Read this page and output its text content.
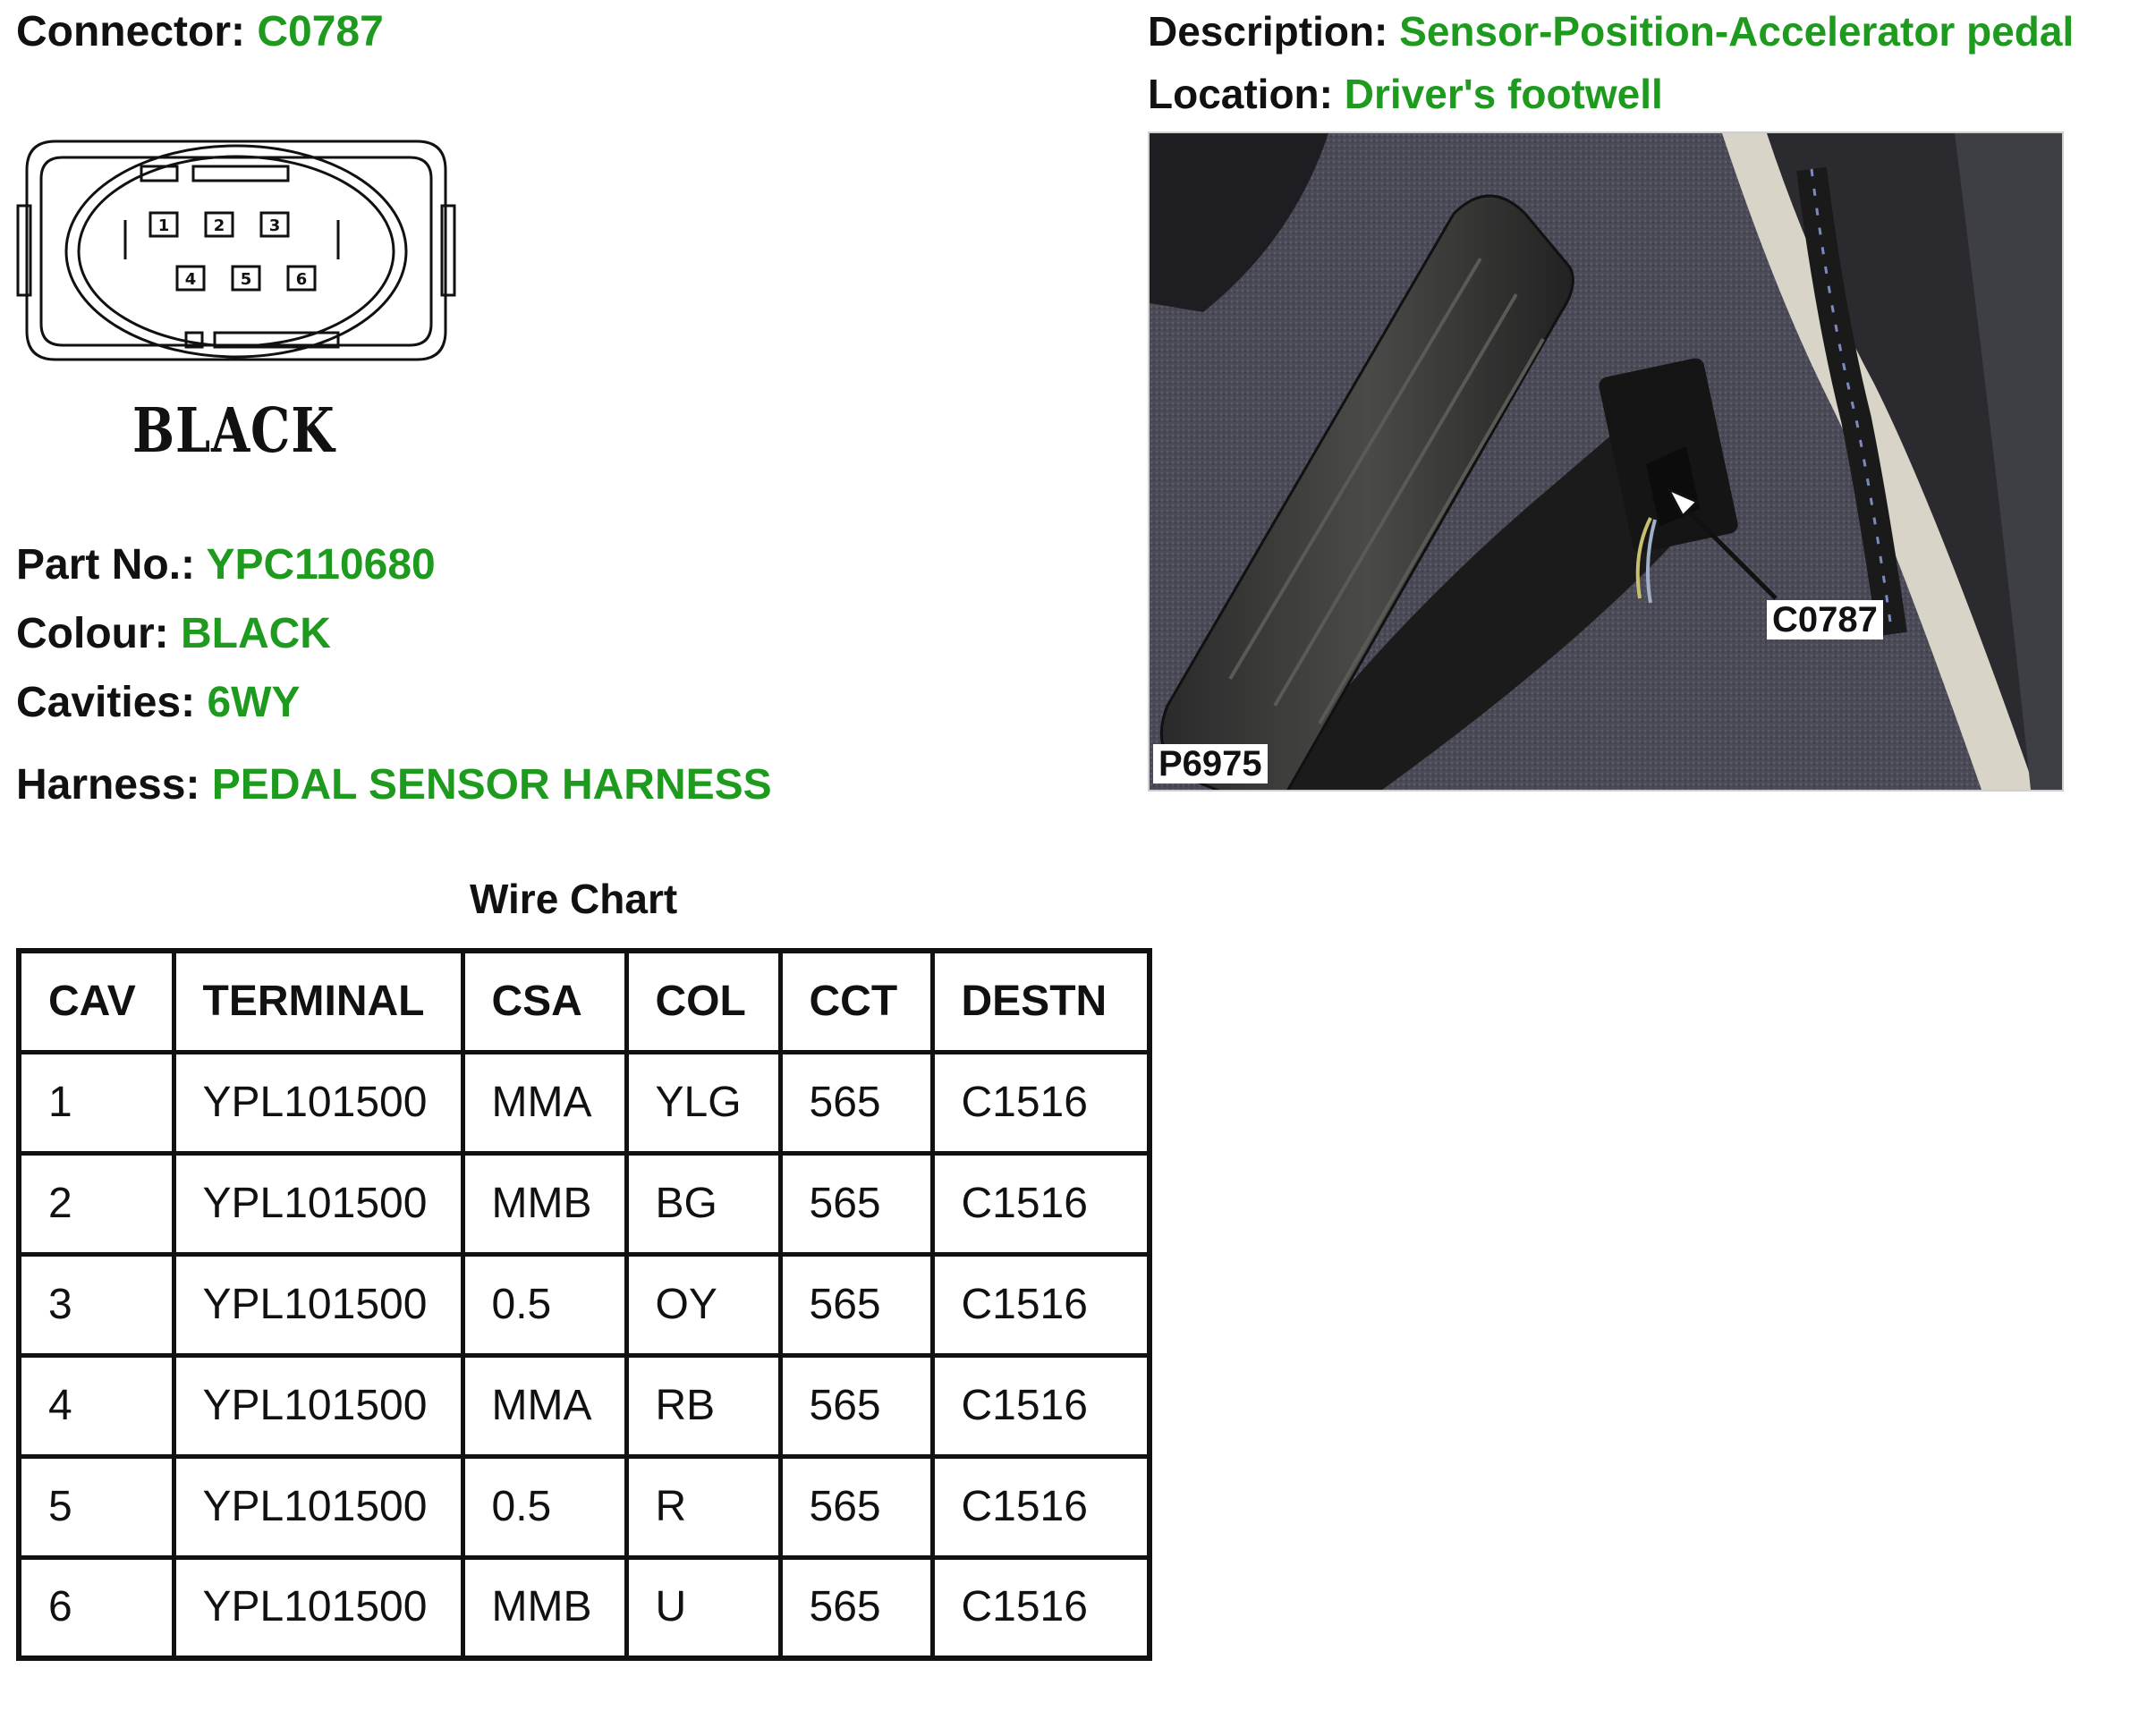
Connector: C0787	Description: Sensor-Position-Accelerator pedal
Location: Driver's footwell
1	2	3
4	5	6
BLACK
Part No.: YPC110680
Colour: BLACK
Cavities: 6WY
Harness: PEDAL SENSOR HARNESS
C0787
P6975
Wire Chart
CAV	TERMINAL	CSA	COL	CCT	DESTN
1	YPL101500	MMA	YLG	565	C1516
2	YPL101500	MMB	BG	565	C1516
3	YPL101500	0.5	OY	565	C1516
4	YPL101500	MMA	RB	565	C1516
5	YPL101500	0.5	R	565	C1516
6	YPL101500	MMB	U	565	C1516
